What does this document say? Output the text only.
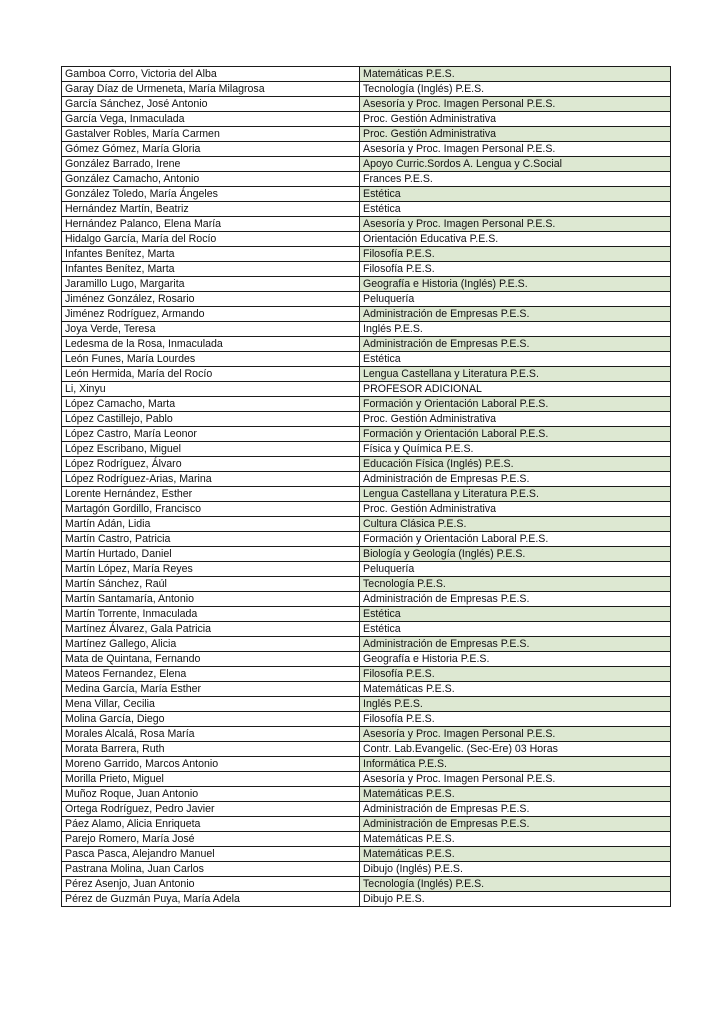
Gamboa Corro, Victoria del Alba	Matemáticas P.E.S.
Garay Díaz de Urmeneta, María Milagrosa	Tecnología (Inglés) P.E.S.
García Sánchez, José Antonio	Asesoría y Proc. Imagen Personal P.E.S.
García Vega, Inmaculada	Proc. Gestión Administrativa
Gastalver Robles, María Carmen	Proc. Gestión Administrativa
Gómez Gómez, María Gloria	Asesoría y Proc. Imagen Personal P.E.S.
González Barrado, Irene	Apoyo Curric.Sordos A. Lengua y C.Social
González Camacho, Antonio	Frances P.E.S.
González Toledo, María Ángeles	Estética
Hernández Martín, Beatriz	Estética
Hernández Palanco, Elena María	Asesoría y Proc. Imagen Personal P.E.S.
Hidalgo García, María del Rocío	Orientación Educativa P.E.S.
Infantes Benítez, Marta	Filosofía P.E.S.
Infantes Benítez, Marta	Filosofía P.E.S.
Jaramillo Lugo, Margarita	Geografía e Historia (Inglés) P.E.S.
Jiménez González, Rosario	Peluquería
Jiménez Rodríguez, Armando	Administración de Empresas P.E.S.
Joya Verde, Teresa	Inglés P.E.S.
Ledesma de la Rosa, Inmaculada	Administración de Empresas P.E.S.
León Funes, María Lourdes	Estética
León Hermida, María del Rocío	Lengua Castellana y Literatura P.E.S.
Li, Xinyu	PROFESOR ADICIONAL
López Camacho, Marta	Formación y Orientación Laboral P.E.S.
López Castillejo, Pablo	Proc. Gestión Administrativa
López Castro, María Leonor	Formación y Orientación Laboral P.E.S.
López Escribano, Miguel	Física y Química P.E.S.
López Rodríguez, Álvaro	Educación Física (Inglés) P.E.S.
López Rodríguez-Arias, Marina	Administración de Empresas P.E.S.
Lorente Hernández, Esther	Lengua Castellana y Literatura P.E.S.
Martagón Gordillo, Francisco	Proc. Gestión Administrativa
Martín Adán, Lidia	Cultura Clásica P.E.S.
Martín Castro, Patricia	Formación y Orientación Laboral P.E.S.
Martín Hurtado, Daniel	Biología y Geología (Inglés) P.E.S.
Martín López, María Reyes	Peluquería
Martín Sánchez, Raúl	Tecnología P.E.S.
Martín Santamaría, Antonio	Administración de Empresas P.E.S.
Martín Torrente, Inmaculada	Estética
Martínez Álvarez, Gala Patricia	Estética
Martínez Gallego, Alicia	Administración de Empresas P.E.S.
Mata de Quintana, Fernando	Geografía e Historia P.E.S.
Mateos Fernandez, Elena	Filosofía P.E.S.
Medina García, María Esther	Matemáticas P.E.S.
Mena Villar, Cecilia	Inglés P.E.S.
Molina García, Diego	Filosofía P.E.S.
Morales Alcalá, Rosa María	Asesoría y Proc. Imagen Personal P.E.S.
Morata Barrera, Ruth	Contr. Lab.Evangelic. (Sec-Ere) 03 Horas
Moreno Garrido, Marcos Antonio	Informática P.E.S.
Morilla Prieto, Miguel	Asesoría y Proc. Imagen Personal P.E.S.
Muñoz Roque, Juan Antonio	Matemáticas P.E.S.
Ortega Rodríguez, Pedro Javier	Administración de Empresas P.E.S.
Páez Alamo, Alicia Enriqueta	Administración de Empresas P.E.S.
Parejo Romero, María José	Matemáticas P.E.S.
Pasca Pasca, Alejandro Manuel	Matemáticas P.E.S.
Pastrana Molina, Juan Carlos	Dibujo (Inglés) P.E.S.
Pérez Asenjo, Juan Antonio	Tecnología (Inglés) P.E.S.
Pérez de Guzmán Puya, María Adela	Dibujo P.E.S.
